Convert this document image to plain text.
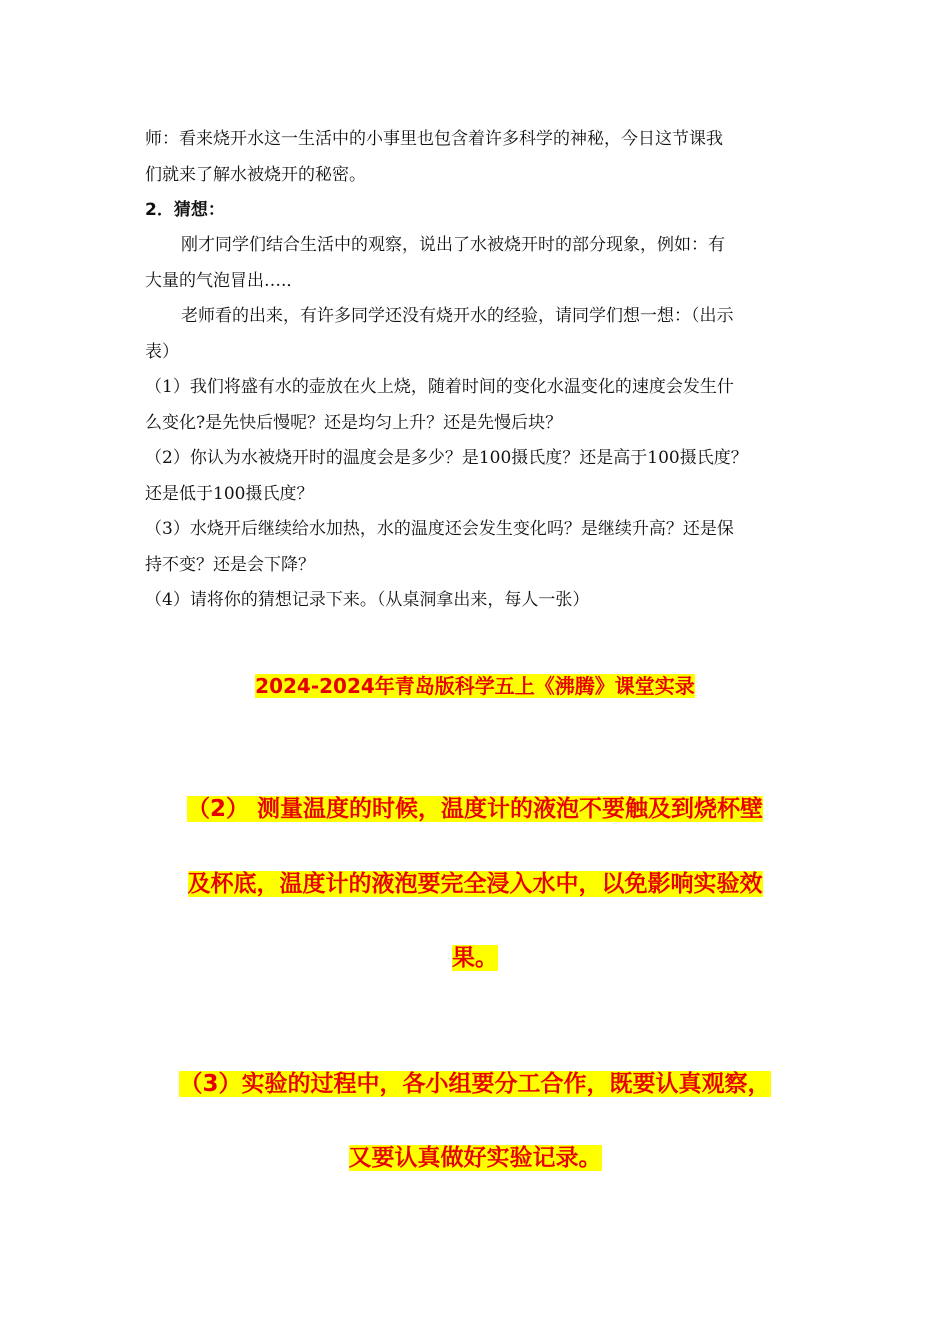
师：看来烧开水这一生活中的小事里也包含着许多科学的神秘，今日这节课我
们就来了解水被烧开的秘密。
2．猜想：
刚才同学们结合生活中的观察，说出了水被烧开时的部分现象，例如：有
大量的气泡冒出….．
老师看的出来，有许多同学还没有烧开水的经验，请同学们想一想：（出示
表）
（1）我们将盛有水的壶放在火上烧，随着时间的变化水温变化的速度会发生什
么变化?是先快后慢呢？还是均匀上升？还是先慢后块？
（2）你认为水被烧开时的温度会是多少？是100摄氏度？还是高于100摄氏度？
还是低于100摄氏度？
（3）水烧开后继续给水加热，水的温度还会发生变化吗？是继续升高？还是保
持不变？还是会下降？
（4）请将你的猜想记录下来。（从桌洞拿出来，每人一张）
2024-2024年青岛版科学五上《沸腾》课堂实录
（2） 测量温度的时候，温度计的液泡不要触及到烧杯壁
及杯底，温度计的液泡要完全浸入水中，以免影响实验效
果。
（3）实验的过程中，各小组要分工合作，既要认真观察，
又要认真做好实验记录。
